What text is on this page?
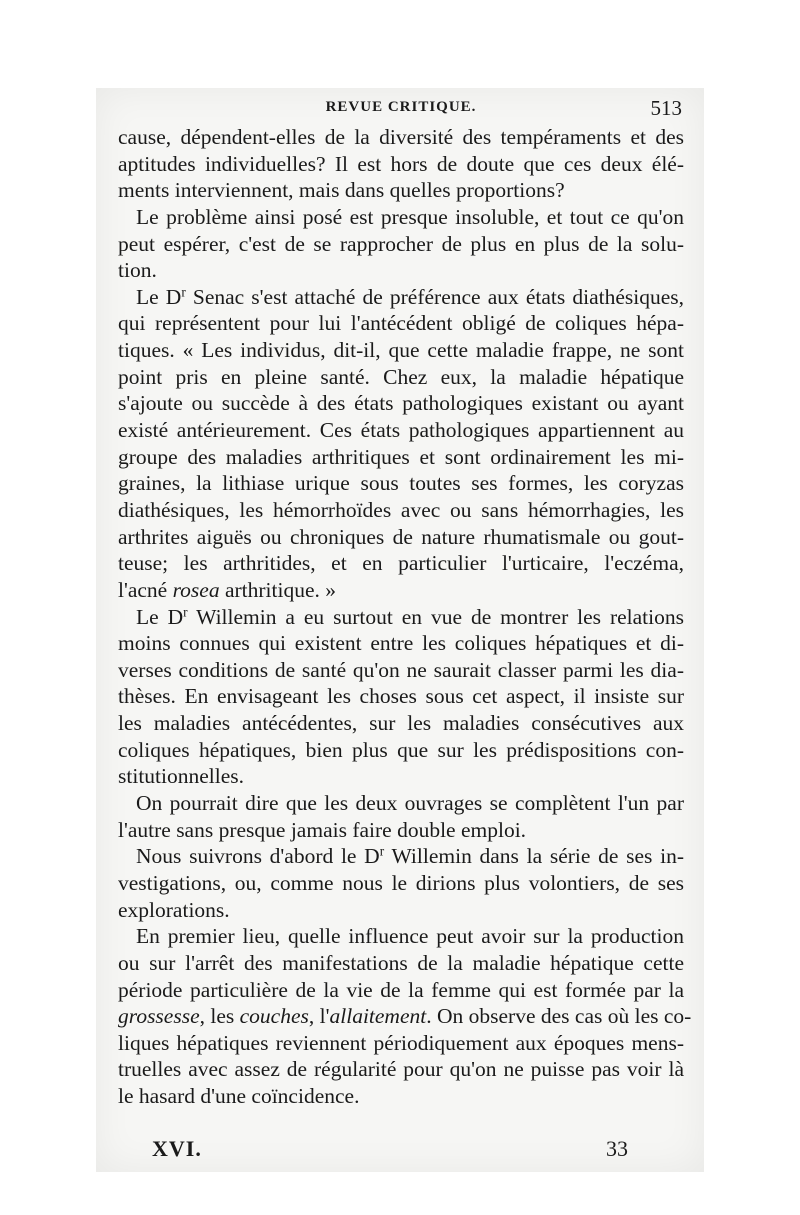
REVUE CRITIQUE.	513
cause, dépendent-elles de la diversité des tempéraments et des
aptitudes individuelles? Il est hors de doute que ces deux élé-
ments interviennent, mais dans quelles proportions?
Le problème ainsi posé est presque insoluble, et tout ce qu'on
peut espérer, c'est de se rapprocher de plus en plus de la solu-
tion.
Le $D^r$ Senac s'est attaché de préférence aux états diathésiques,
qui représentent pour lui l'antécédent obligé de coliques hépa-
tiques. « Les individus, dit-il, que cette maladie frappe, ne sont
point pris en pleine santé. Chez eux, la maladie hépatique
s'ajoute ou succède à des états pathologiques existant ou ayant
existé antérieurement. Ces états pathologiques appartiennent au
groupe des maladies arthritiques et sont ordinairement les mi-
graines, la lithiase urique sous toutes ses formes, les coryzas
diathésiques, les hémorrhoïdes avec ou sans hémorrhagies, les
arthrites aiguës ou chroniques de nature rhumatismale ou gout-
teuse; les arthritides, et en particulier l'urticaire, l'eczéma,
l'acné rosea arthritique. »
Le $D^r$ Willemin a eu surtout en vue de montrer les relations
moins connues qui existent entre les coliques hépatiques et di-
verses conditions de santé qu'on ne saurait classer parmi les dia-
thèses. En envisageant les choses sous cet aspect, il insiste sur
les maladies antécédentes, sur les maladies consécutives aux
coliques hépatiques, bien plus que sur les prédispositions con-
stitutionnelles.
On pourrait dire que les deux ouvrages se complètent l'un par
l'autre sans presque jamais faire double emploi.
Nous suivrons d'abord le $D^r$ Willemin dans la série de ses in-
vestigations, ou, comme nous le dirions plus volontiers, de ses
explorations.
En premier lieu, quelle influence peut avoir sur la production
ou sur l'arrêt des manifestations de la maladie hépatique cette
période particulière de la vie de la femme qui est formée par la
grossesse, les couches, l'allaitement. On observe des cas où les co-
liques hépatiques reviennent périodiquement aux époques mens-
truelles avec assez de régularité pour qu'on ne puisse pas voir là
le hasard d'une coïncidence.
XVI.	33
